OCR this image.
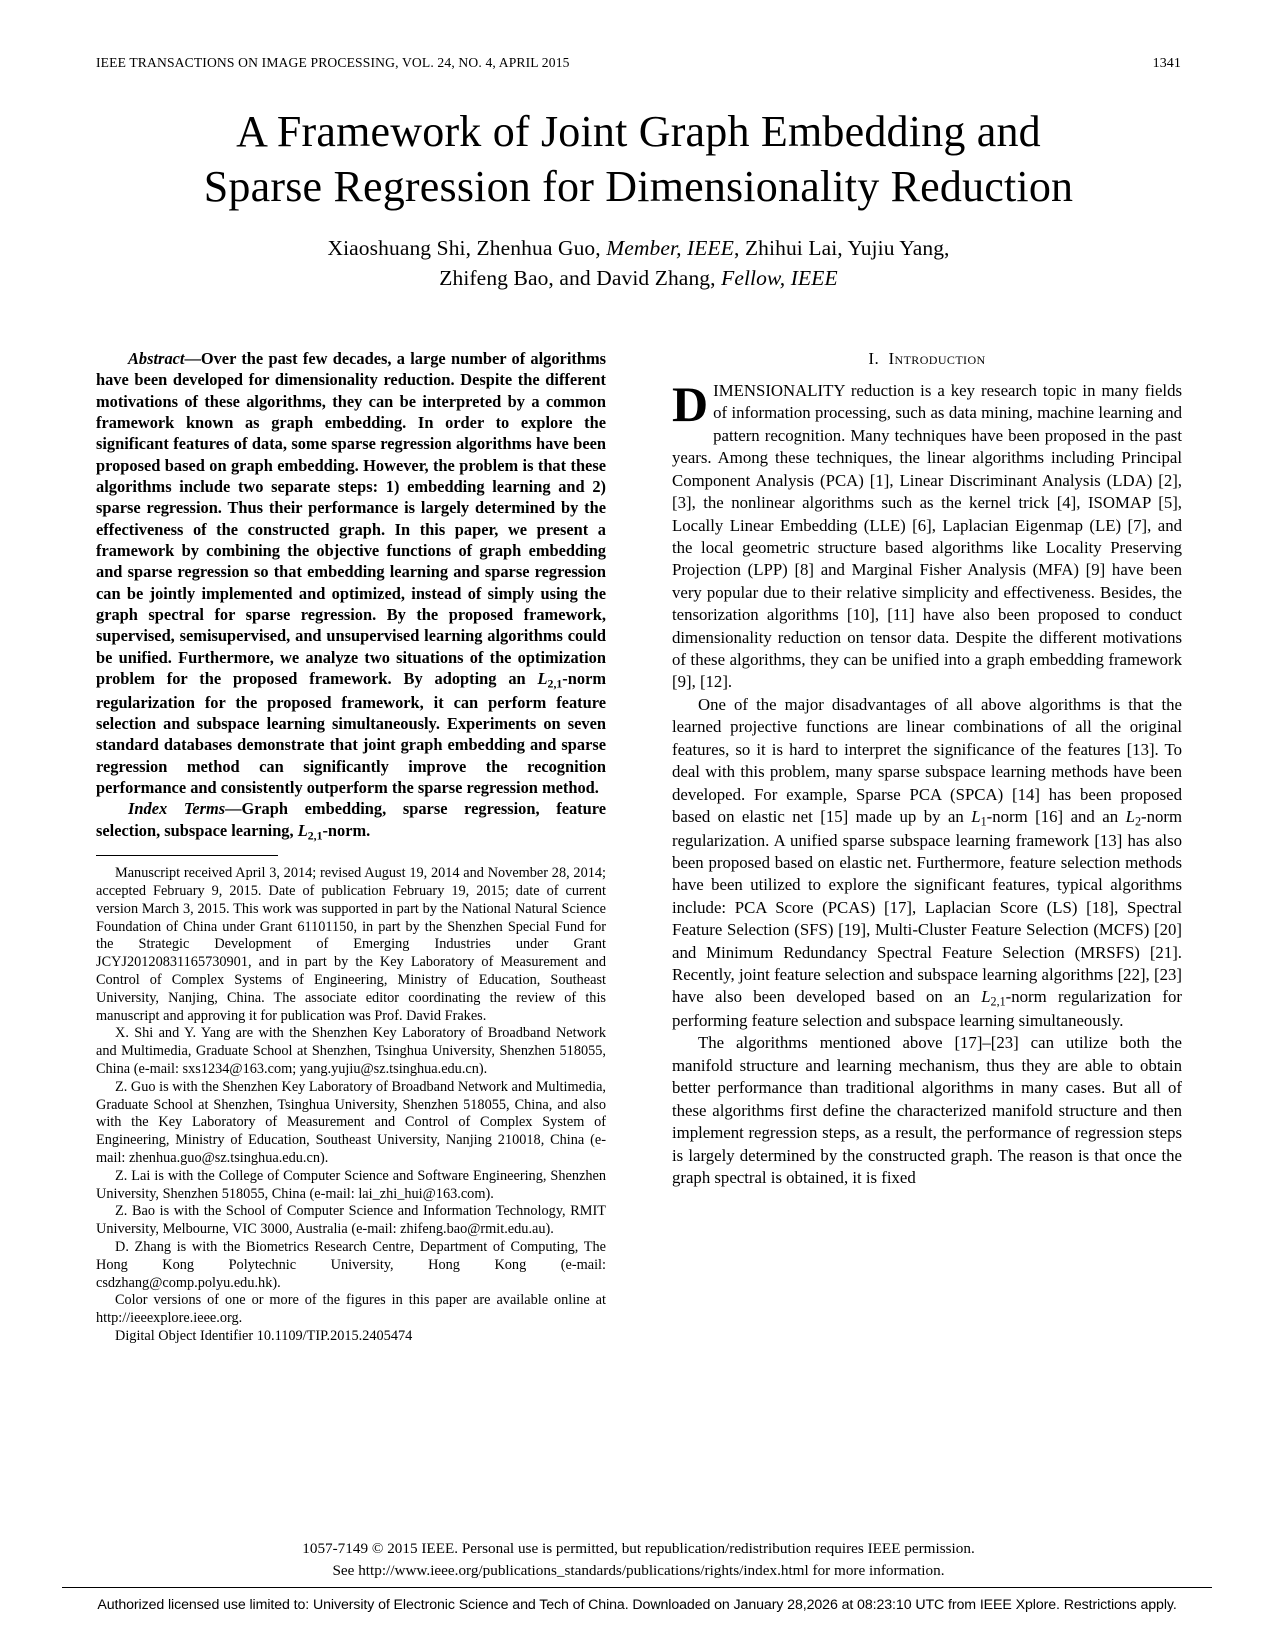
IEEE TRANSACTIONS ON IMAGE PROCESSING, VOL. 24, NO. 4, APRIL 2015	1341
A Framework of Joint Graph Embedding and
Sparse Regression for Dimensionality Reduction
Xiaoshuang Shi, Zhenhua Guo, Member, IEEE, Zhihui Lai, Yujiu Yang,
Zhifeng Bao, and David Zhang, Fellow, IEEE

Abstract—Over the past few decades, a large number of algorithms have been developed for dimensionality reduction. Despite the different motivations of these algorithms, they can be interpreted by a common framework known as graph embedding. In order to explore the significant features of data, some sparse regression algorithms have been proposed based on graph embedding. However, the problem is that these algorithms include two separate steps: 1) embedding learning and 2) sparse regression. Thus their performance is largely determined by the effectiveness of the constructed graph. In this paper, we present a framework by combining the objective functions of graph embedding and sparse regression so that embedding learning and sparse regression can be jointly implemented and optimized, instead of simply using the graph spectral for sparse regression. By the proposed framework, supervised, semisupervised, and unsupervised learning algorithms could be unified. Furthermore, we analyze two situations of the optimization problem for the proposed framework. By adopting an $L_{2,1}$-norm regularization for the proposed framework, it can perform feature selection and subspace learning simultaneously. Experiments on seven standard databases demonstrate that joint graph embedding and sparse regression method can significantly improve the recognition performance and consistently outperform the sparse regression method.

Index Terms—Graph embedding, sparse regression, feature selection, subspace learning, $L_{2,1}$-norm.

Manuscript received April 3, 2014; revised August 19, 2014 and November 28, 2014; accepted February 9, 2015. Date of publication February 19, 2015; date of current version March 3, 2015. This work was supported in part by the National Natural Science Foundation of China under Grant 61101150, in part by the Shenzhen Special Fund for the Strategic Development of Emerging Industries under Grant JCYJ20120831165730901, and in part by the Key Laboratory of Measurement and Control of Complex Systems of Engineering, Ministry of Education, Southeast University, Nanjing, China. The associate editor coordinating the review of this manuscript and approving it for publication was Prof. David Frakes.

X. Shi and Y. Yang are with the Shenzhen Key Laboratory of Broadband Network and Multimedia, Graduate School at Shenzhen, Tsinghua University, Shenzhen 518055, China (e-mail: sxs1234@163.com; yang.yujiu@sz.tsinghua.edu.cn).

Z. Guo is with the Shenzhen Key Laboratory of Broadband Network and Multimedia, Graduate School at Shenzhen, Tsinghua University, Shenzhen 518055, China, and also with the Key Laboratory of Measurement and Control of Complex System of Engineering, Ministry of Education, Southeast University, Nanjing 210018, China (e-mail: zhenhua.guo@sz.tsinghua.edu.cn).

Z. Lai is with the College of Computer Science and Software Engineering, Shenzhen University, Shenzhen 518055, China (e-mail: lai_zhi_hui@163.com).

Z. Bao is with the School of Computer Science and Information Technology, RMIT University, Melbourne, VIC 3000, Australia (e-mail: zhifeng.bao@rmit.edu.au).

D. Zhang is with the Biometrics Research Centre, Department of Computing, The Hong Kong Polytechnic University, Hong Kong (e-mail: csdzhang@comp.polyu.edu.hk).

Color versions of one or more of the figures in this paper are available online at http://ieeexplore.ieee.org.

Digital Object Identifier 10.1109/TIP.2015.2405474

I. Introduction

DIMENSIONALITY reduction is a key research topic in many fields of information processing, such as data mining, machine learning and pattern recognition. Many techniques have been proposed in the past years. Among these techniques, the linear algorithms including Principal Component Analysis (PCA) [1], Linear Discriminant Analysis (LDA) [2], [3], the nonlinear algorithms such as the kernel trick [4], ISOMAP [5], Locally Linear Embedding (LLE) [6], Laplacian Eigenmap (LE) [7], and the local geometric structure based algorithms like Locality Preserving Projection (LPP) [8] and Marginal Fisher Analysis (MFA) [9] have been very popular due to their relative simplicity and effectiveness. Besides, the tensorization algorithms [10], [11] have also been proposed to conduct dimensionality reduction on tensor data. Despite the different motivations of these algorithms, they can be unified into a graph embedding framework [9], [12].

One of the major disadvantages of all above algorithms is that the learned projective functions are linear combinations of all the original features, so it is hard to interpret the significance of the features [13]. To deal with this problem, many sparse subspace learning methods have been developed. For example, Sparse PCA (SPCA) [14] has been proposed based on elastic net [15] made up by an $L_1$-norm [16] and an $L_2$-norm regularization. A unified sparse subspace learning framework [13] has also been proposed based on elastic net. Furthermore, feature selection methods have been utilized to explore the significant features, typical algorithms include: PCA Score (PCAS) [17], Laplacian Score (LS) [18], Spectral Feature Selection (SFS) [19], Multi-Cluster Feature Selection (MCFS) [20] and Minimum Redundancy Spectral Feature Selection (MRSFS) [21]. Recently, joint feature selection and subspace learning algorithms [22], [23] have also been developed based on an $L_{2,1}$-norm regularization for performing feature selection and subspace learning simultaneously.

The algorithms mentioned above [17]–[23] can utilize both the manifold structure and learning mechanism, thus they are able to obtain better performance than traditional algorithms in many cases. But all of these algorithms first define the characterized manifold structure and then implement regression steps, as a result, the performance of regression steps is largely determined by the constructed graph. The reason is that once the graph spectral is obtained, it is fixed

1057-7149 © 2015 IEEE. Personal use is permitted, but republication/redistribution requires IEEE permission.
See http://www.ieee.org/publications_standards/publications/rights/index.html for more information.
Authorized licensed use limited to: University of Electronic Science and Tech of China. Downloaded on January 28,2026 at 08:23:10 UTC from IEEE Xplore. Restrictions apply.
